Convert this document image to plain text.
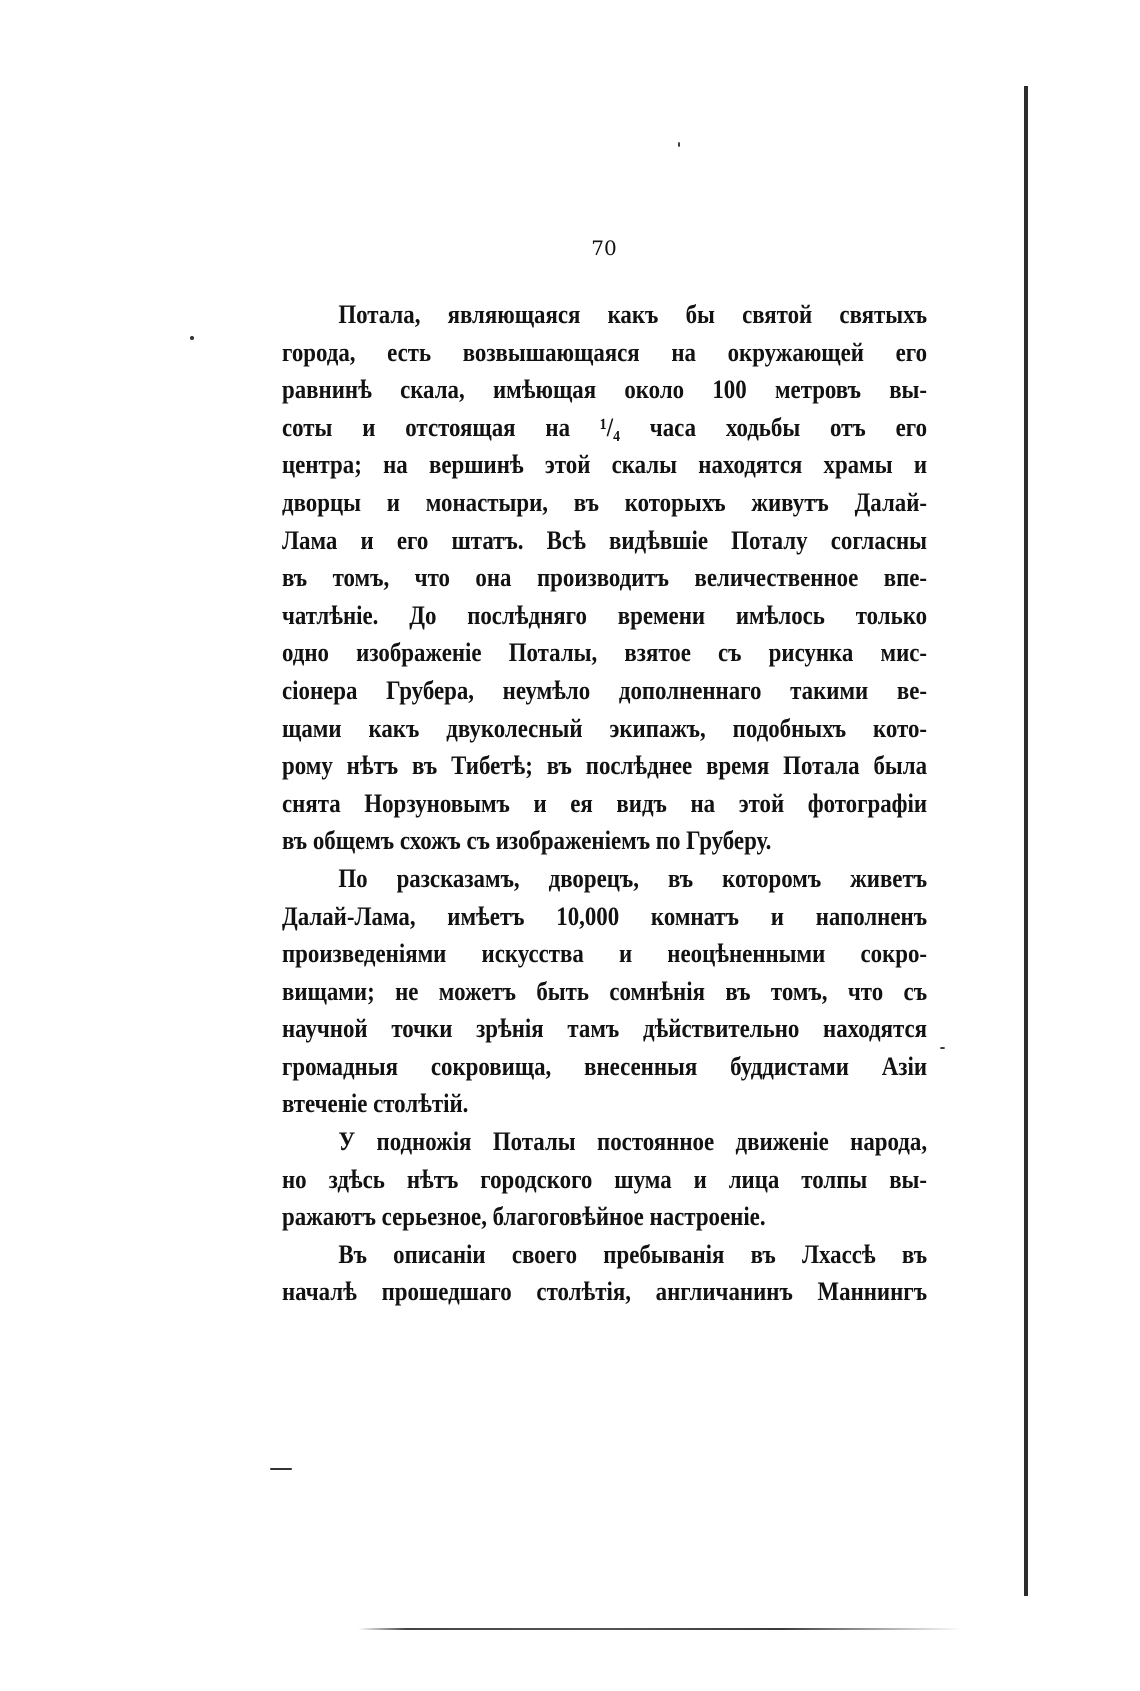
70
Потала, являющаяся какъ бы святой святыхъ
города, есть возвышающаяся на окружающей его
равнинѣ скала, имѣющая около 100 метровъ вы-
соты и отстоящая на ¹/₄ часа ходьбы отъ его
центра; на вершинѣ этой скалы находятся храмы и
дворцы и монастыри, въ которыхъ живутъ Далай-
Лама и его штатъ. Всѣ видѣвшіе Поталу согласны
въ томъ, что она производитъ величественное впе-
чатлѣніе. До послѣдняго времени имѣлось только
одно изображеніе Поталы, взятое съ рисунка мис-
сіонера Грубера, неумѣло дополненнаго такими ве-
щами какъ двуколесный экипажъ, подобныхъ кото-
рому нѣтъ въ Тибетѣ; въ послѣднее время Потала была
снята Норзуновымъ и ея видъ на этой фотографіи
въ общемъ схожъ съ изображеніемъ по Груберу.
По разсказамъ, дворецъ, въ которомъ живетъ
Далай-Лама, имѣетъ 10,000 комнатъ и наполненъ
произведеніями искусства и неоцѣненными сокро-
вищами; не можетъ быть сомнѣнія въ томъ, что съ
научной точки зрѣнія тамъ дѣйствительно находятся
громадныя сокровища, внесенныя буддистами Азіи
втеченіе столѣтій.
У подножія Поталы постоянное движеніе народа,
но здѣсь нѣтъ городского шума и лица толпы вы-
ражаютъ серьезное, благоговѣйное настроеніе.
Въ описаніи своего пребыванія въ Лхассѣ въ
началѣ прошедшаго столѣтія, англичанинъ Маннингъ
